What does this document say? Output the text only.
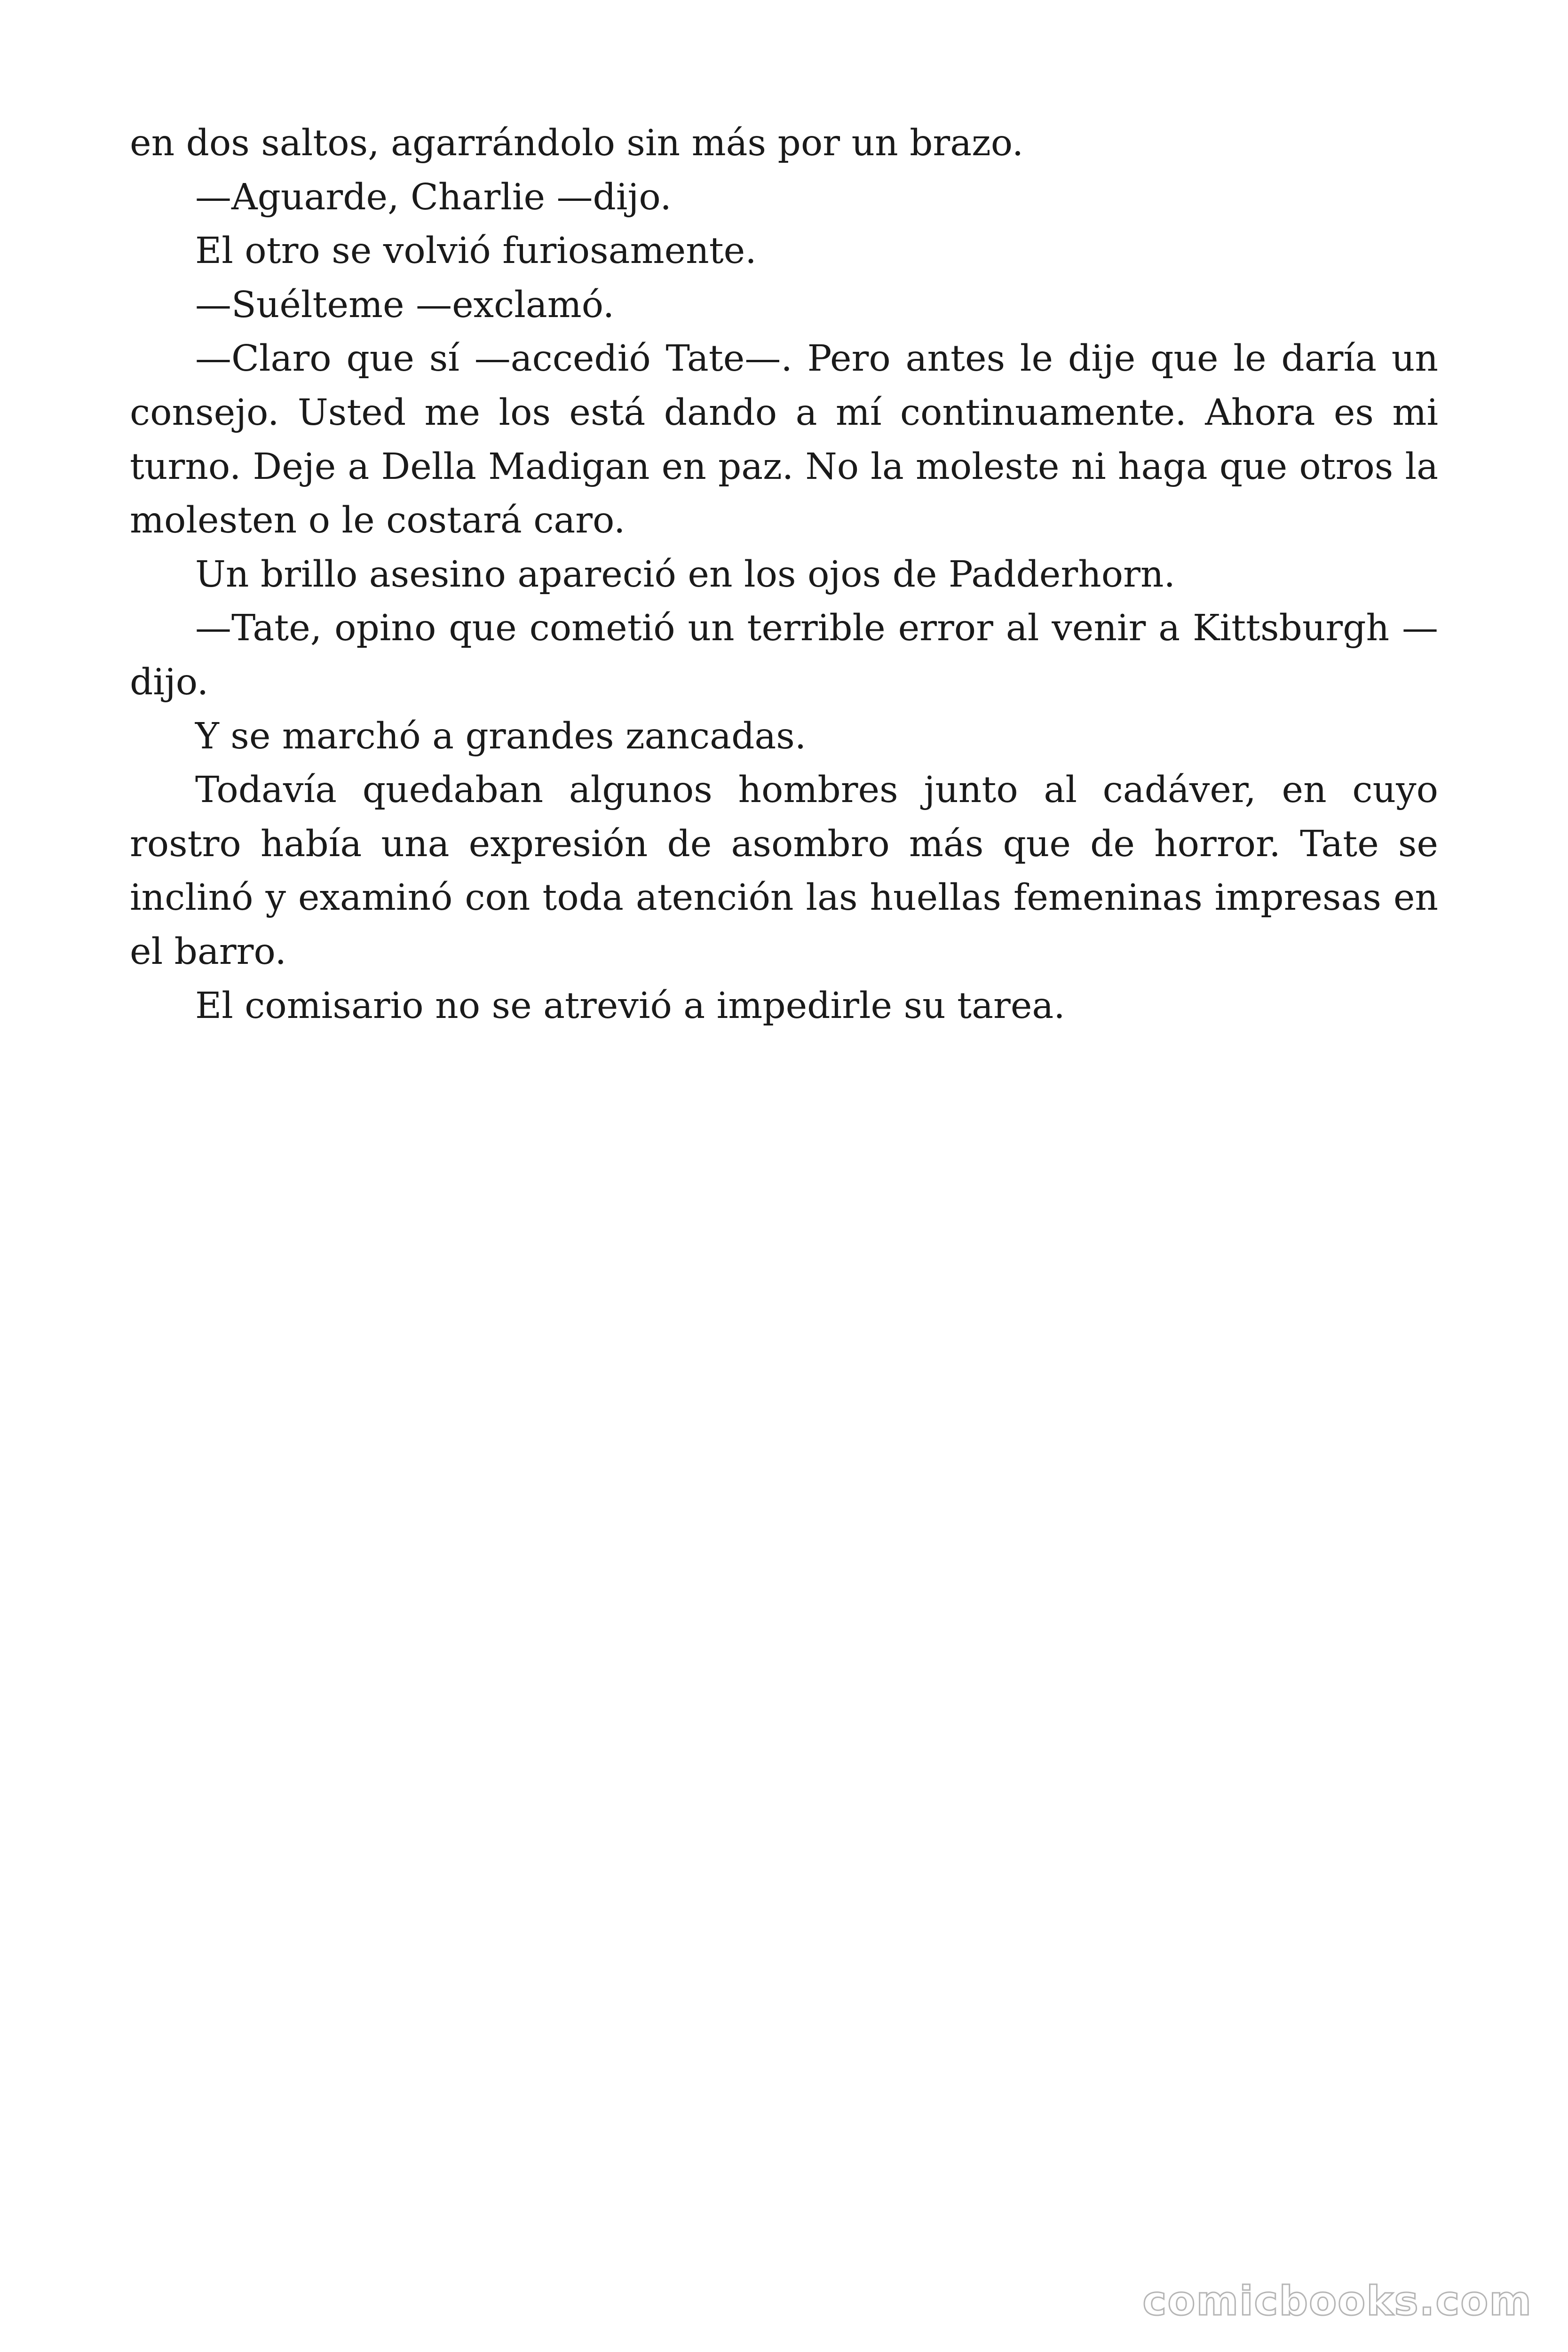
en dos saltos, agarrándolo sin más por un brazo.

—Aguarde, Charlie —dijo.

El otro se volvió furiosamente.

—Suélteme —exclamó.

—Claro que sí —accedió Tate—. Pero antes le dije que le daría un consejo. Usted me los está dando a mí continuamente. Ahora es mi turno. Deje a Della Madigan en paz. No la moleste ni haga que otros la molesten o le costará caro.

Un brillo asesino apareció en los ojos de Padderhorn.

—Tate, opino que cometió un terrible error al venir a Kittsburgh —dijo.

Y se marchó a grandes zancadas.

Todavía quedaban algunos hombres junto al cadáver, en cuyo rostro había una expresión de asombro más que de horror. Tate se inclinó y examinó con toda atención las huellas femeninas impresas en el barro.

El comisario no se atrevió a impedirle su tarea.

comicbooks.com
